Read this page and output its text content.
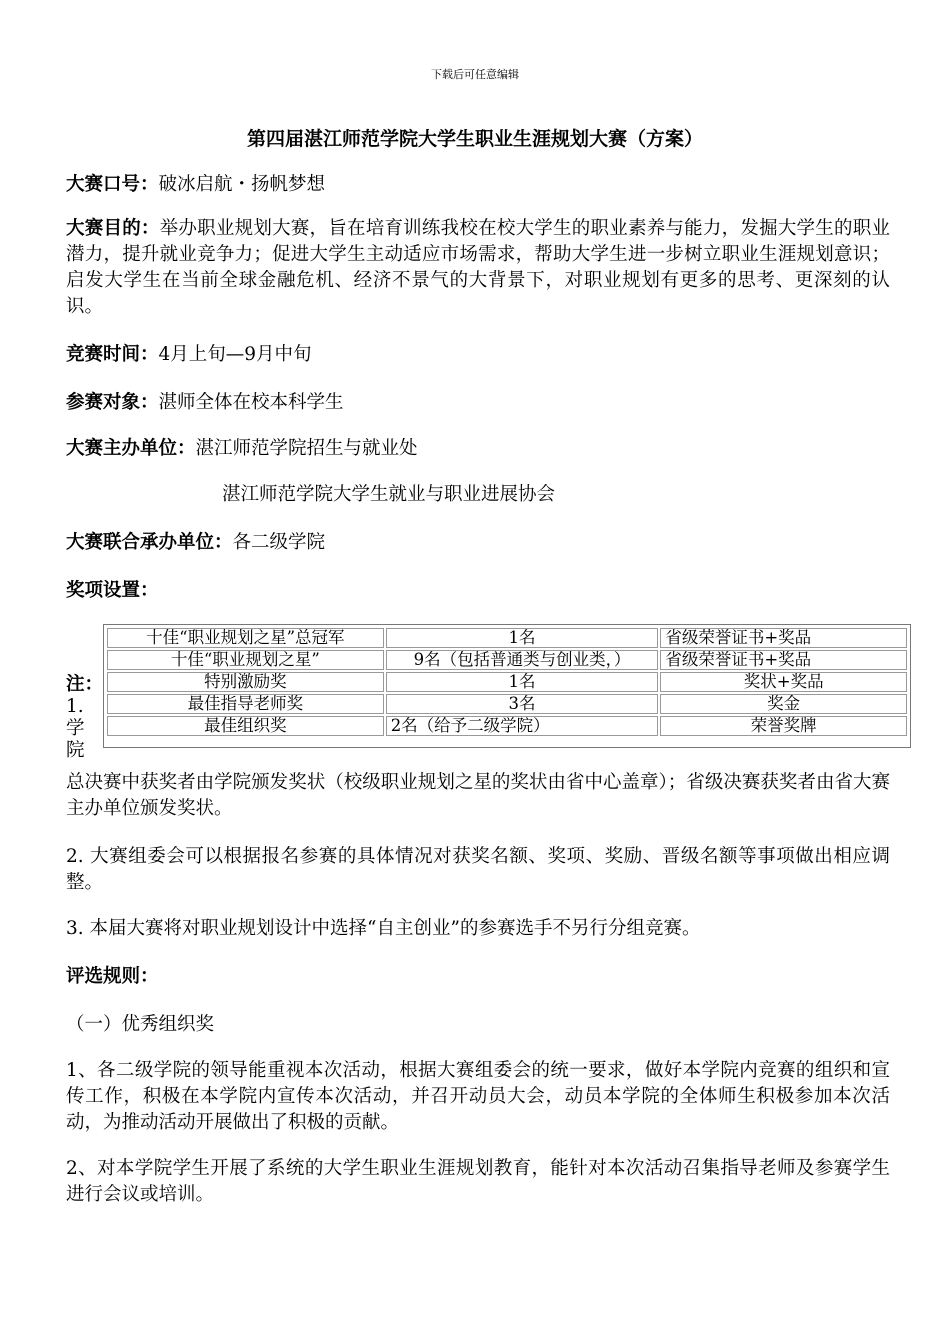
下载后可任意编辑
第四届湛江师范学院大学生职业生涯规划大赛（方案）
大赛口号：破冰启航・扬帆梦想
大赛目的：举办职业规划大赛，旨在培育训练我校在校大学生的职业素养与能力，发掘大学生的职业潜力，提升就业竞争力；促进大学生主动适应市场需求，帮助大学生进一步树立职业生涯规划意识；启发大学生在当前全球金融危机、经济不景气的大背景下，对职业规划有更多的思考、更深刻的认识。
竞赛时间：4月上旬—9月中旬
参赛对象：湛师全体在校本科学生
大赛主办单位：湛江师范学院招生与就业处
湛江师范学院大学生就业与职业进展协会
大赛联合承办单位：各二级学院
奖项设置：
十佳“职业规划之星”总冠军	1名	省级荣誉证书+奖品
十佳“职业规划之星”	9名（包括普通类与创业类，）	省级荣誉证书+奖品
特别激励奖	1名	奖状+奖品
最佳指导老师奖	3名	奖金
最佳组织奖	2名（给予二级学院）	荣誉奖牌
注：
1.
学
院
总决赛中获奖者由学院颁发奖状（校级职业规划之星的奖状由省中心盖章）；省级决赛获奖者由省大赛主办单位颁发奖状。
2. 大赛组委会可以根据报名参赛的具体情况对获奖名额、奖项、奖励、晋级名额等事项做出相应调整。
3. 本届大赛将对职业规划设计中选择“自主创业”的参赛选手不另行分组竞赛。
评选规则：
（一）优秀组织奖
1、各二级学院的领导能重视本次活动，根据大赛组委会的统一要求，做好本学院内竞赛的组织和宣传工作，积极在本学院内宣传本次活动，并召开动员大会，动员本学院的全体师生积极参加本次活动，为推动活动开展做出了积极的贡献。
2、对本学院学生开展了系统的大学生职业生涯规划教育，能针对本次活动召集指导老师及参赛学生进行会议或培训。
